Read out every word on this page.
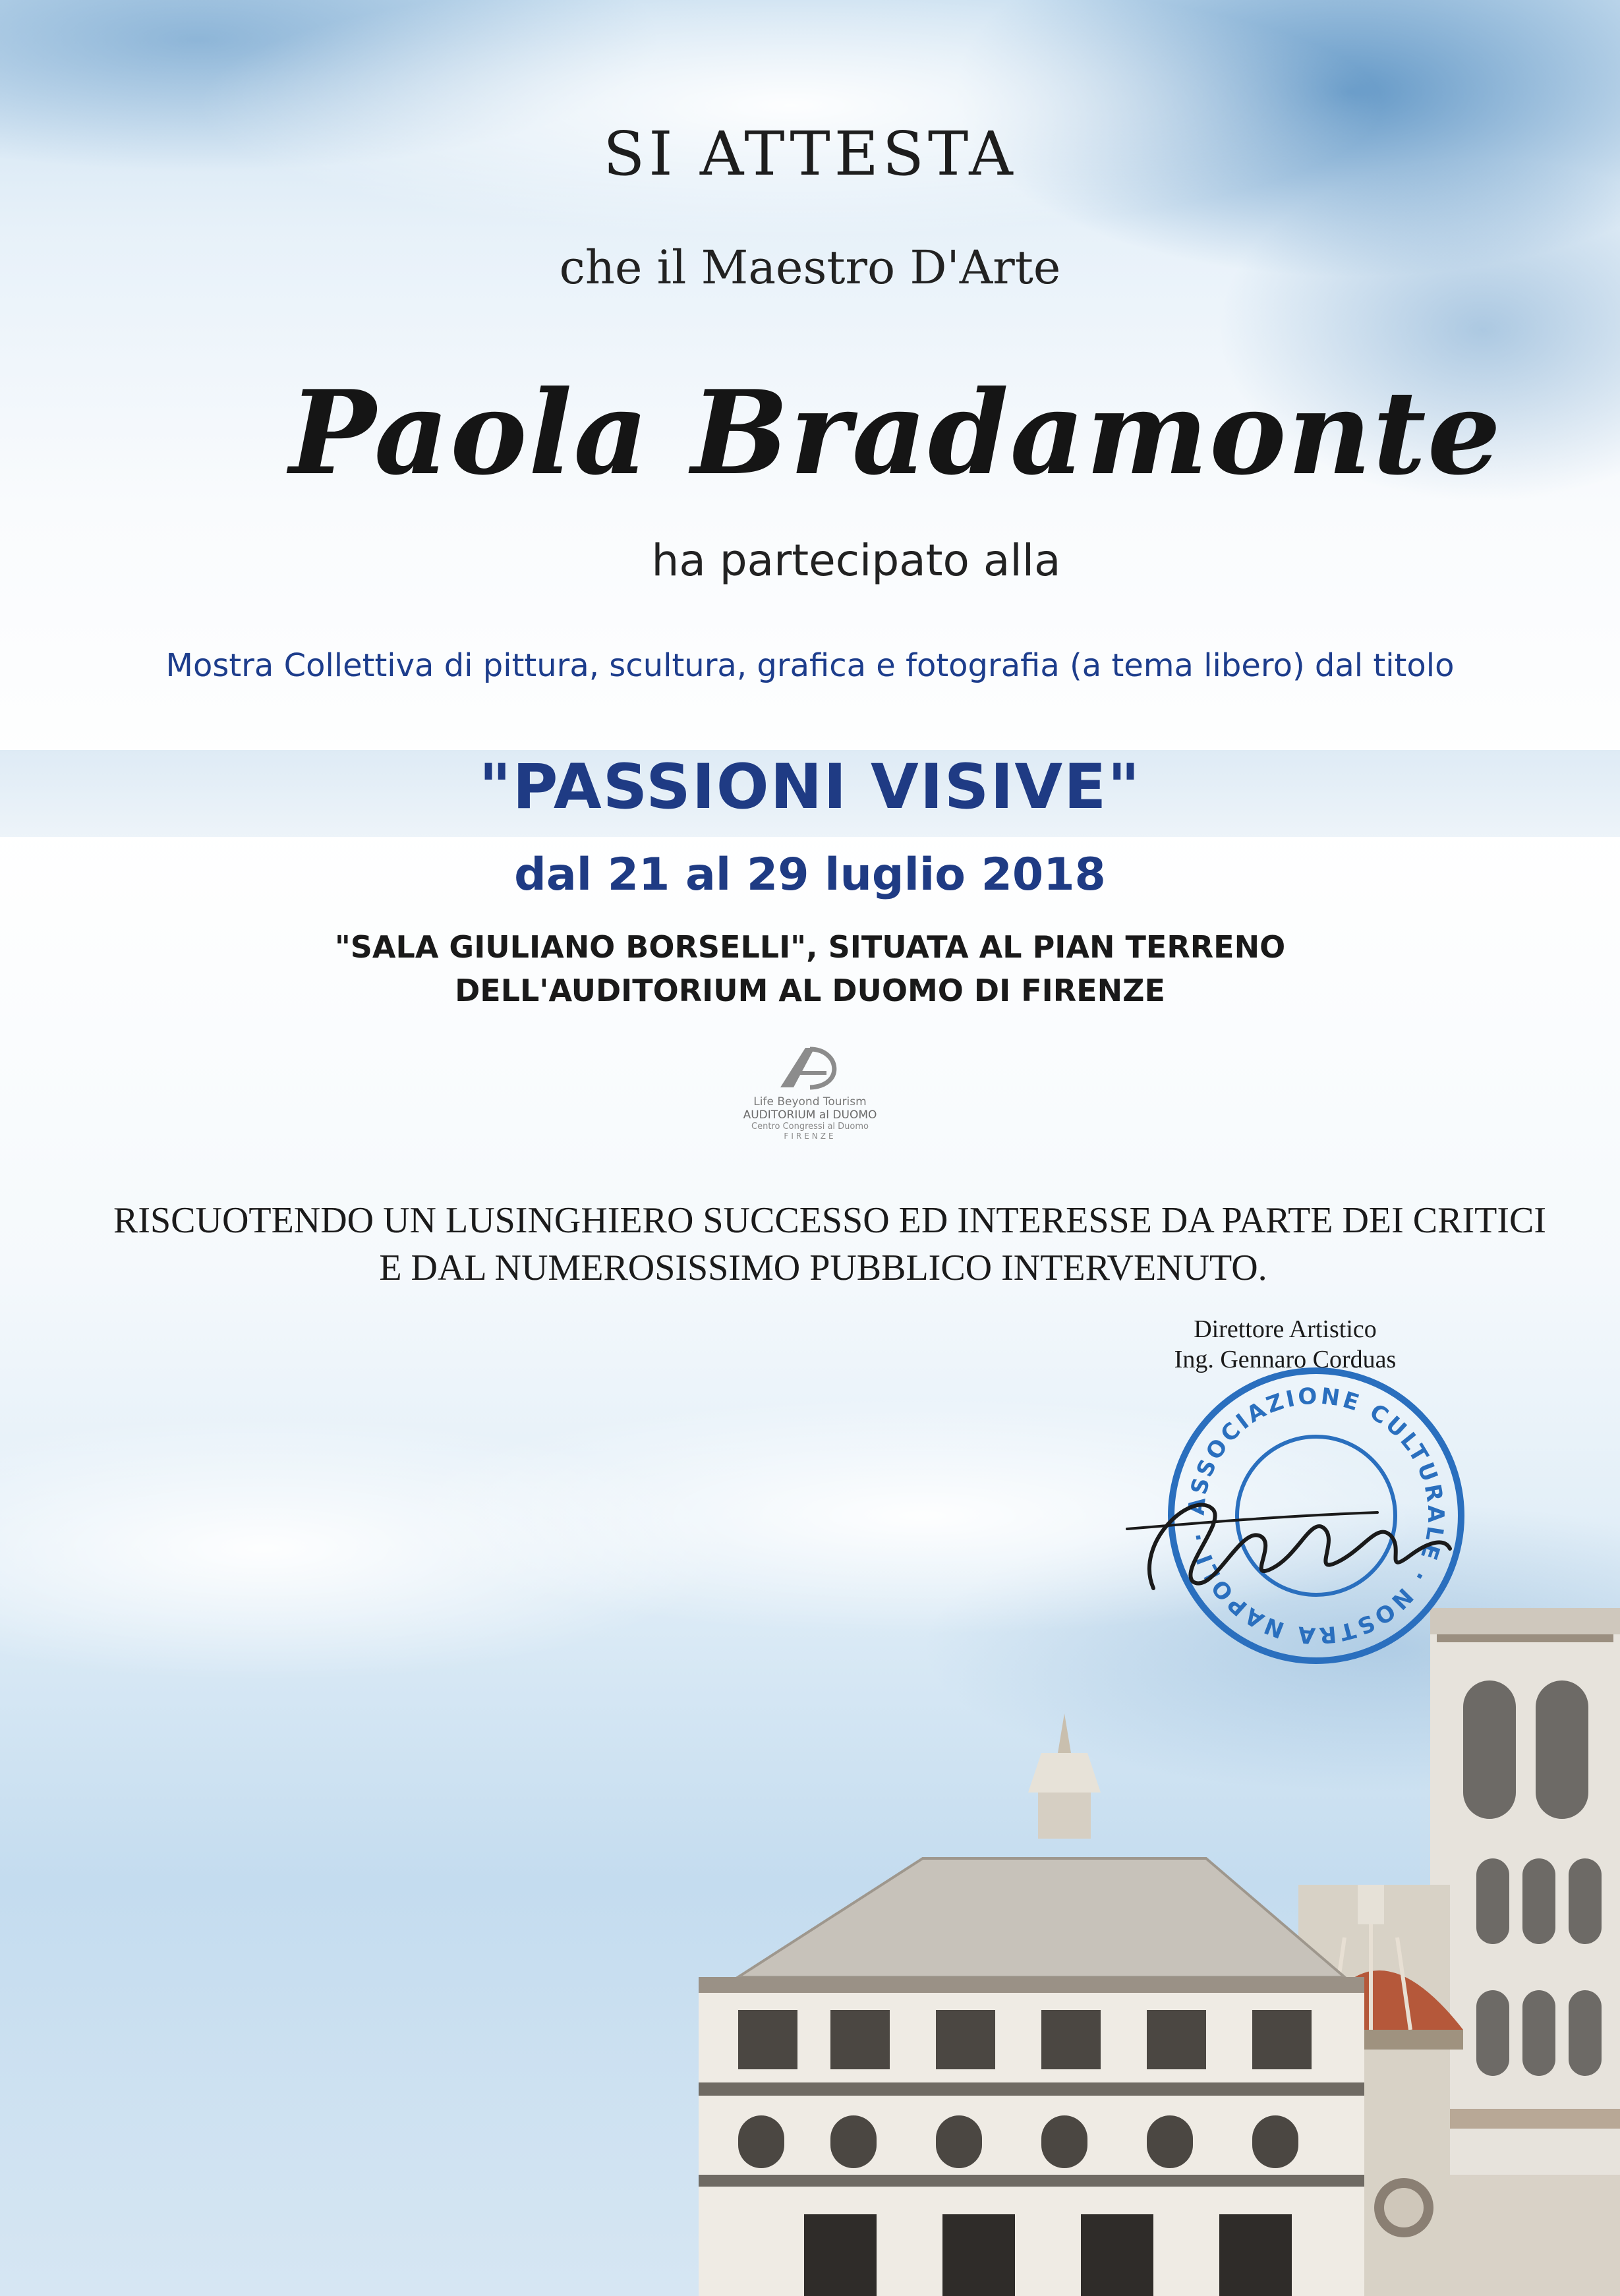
SI ATTESTA
che il Maestro D'Arte
Paola Bradamonte
ha partecipato alla
Mostra Collettiva di pittura, scultura, grafica e fotografia (a tema libero) dal titolo
"PASSIONI VISIVE"
dal 21 al 29 luglio 2018
"SALA GIULIANO BORSELLI", SITUATA AL PIAN TERRENO
DELL'AUDITORIUM AL DUOMO DI FIRENZE
Life Beyond Tourism
AUDITORIUM al DUOMO
Centro Congressi al Duomo
FIRENZE
RISCUOTENDO UN LUSINGHIERO SUCCESSO ED INTERESSE DA PARTE DEI CRITICI
E DAL NUMEROSISSIMO PUBBLICO INTERVENUTO.
Direttore Artistico
Ing. Gennaro Corduas
ASSOCIAZIONE CULTURALE · NOSTRA NAPOLI ·
